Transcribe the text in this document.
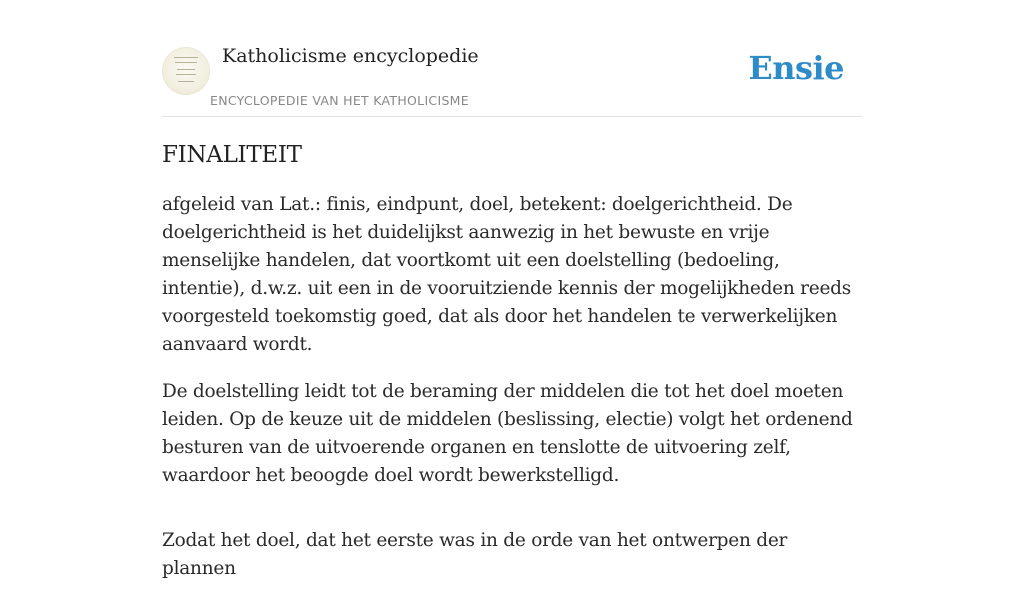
Katholicisme encyclopedie
ENCYCLOPEDIE VAN HET KATHOLICISME
Ensie
FINALITEIT

afgeleid van Lat.: finis, eindpunt, doel, betekent: doelgerichtheid. De doelgerichtheid is het duidelijkst aanwezig in het bewuste en vrije menselijke handelen, dat voortkomt uit een doelstelling (bedoeling, intentie), d.w.z. uit een in de vooruitziende kennis der mogelijkheden reeds voorgesteld toekomstig goed, dat als door het handelen te verwerkelijken aanvaard wordt.

De doelstelling leidt tot de beraming der middelen die tot het doel moeten leiden. Op de keuze uit de middelen (beslissing, electie) volgt het ordenend besturen van de uitvoerende organen en tenslotte de uitvoering zelf, waardoor het beoogde doel wordt bewerkstelligd.

Zodat het doel, dat het eerste was in de orde van het ontwerpen der plannen
